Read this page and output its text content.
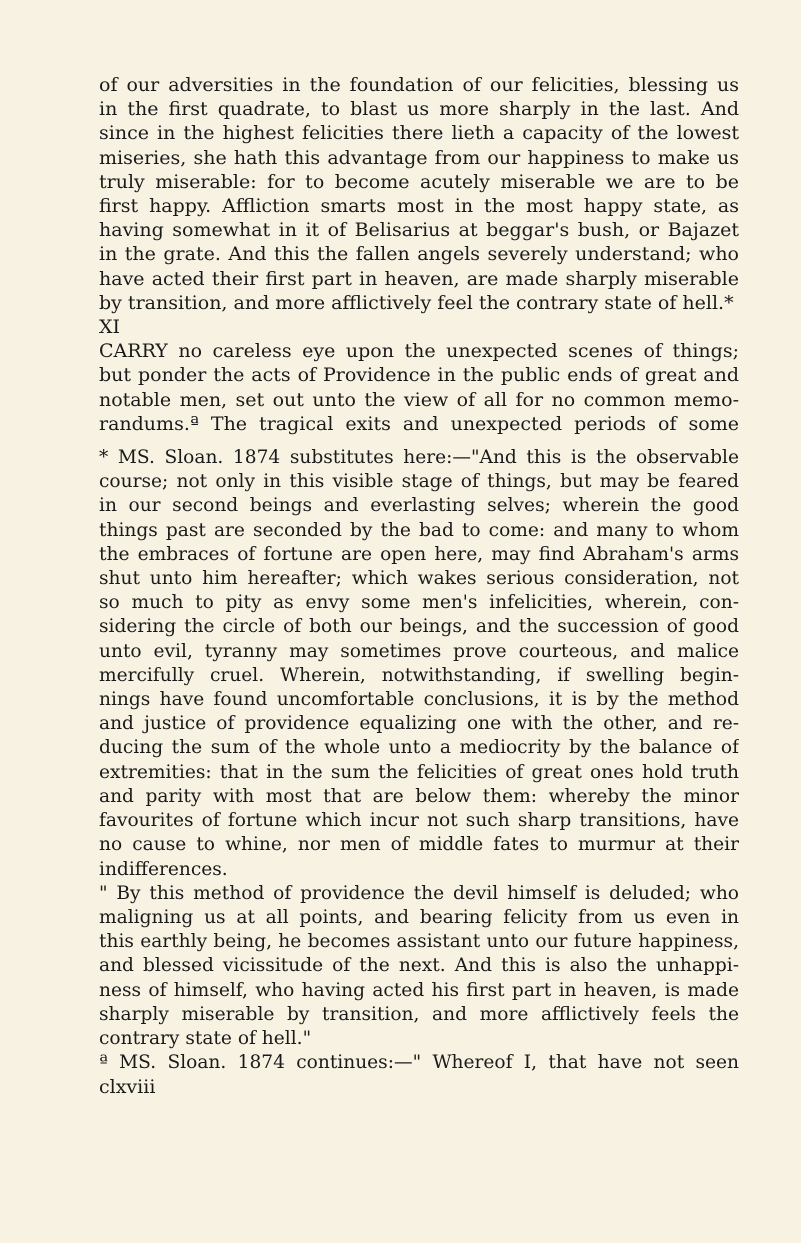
of our adversities in the foundation of our felicities, blessing us
in the first quadrate, to blast us more sharply in the last. And
since in the highest felicities there lieth a capacity of the lowest
miseries, she hath this advantage from our happiness to make us
truly miserable: for to become acutely miserable we are to be
first happy. Affliction smarts most in the most happy state, as
having somewhat in it of Belisarius at beggar's bush, or Bajazet
in the grate. And this the fallen angels severely understand; who
have acted their first part in heaven, are made sharply miserable
by transition, and more afflictively feel the contrary state of hell.*
XI
CARRY no careless eye upon the unexpected scenes of things;
but ponder the acts of Providence in the public ends of great and
notable men, set out unto the view of all for no common memo-
randums.ª The tragical exits and unexpected periods of some
* MS. Sloan. 1874 substitutes here:—"And this is the observable
course; not only in this visible stage of things, but may be feared
in our second beings and everlasting selves; wherein the good
things past are seconded by the bad to come: and many to whom
the embraces of fortune are open here, may find Abraham's arms
shut unto him hereafter; which wakes serious consideration, not
so much to pity as envy some men's infelicities, wherein, con-
sidering the circle of both our beings, and the succession of good
unto evil, tyranny may sometimes prove courteous, and malice
mercifully cruel. Wherein, notwithstanding, if swelling begin-
nings have found uncomfortable conclusions, it is by the method
and justice of providence equalizing one with the other, and re-
ducing the sum of the whole unto a mediocrity by the balance of
extremities: that in the sum the felicities of great ones hold truth
and parity with most that are below them: whereby the minor
favourites of fortune which incur not such sharp transitions, have
no cause to whine, nor men of middle fates to murmur at their
indifferences.
" By this method of providence the devil himself is deluded; who
maligning us at all points, and bearing felicity from us even in
this earthly being, he becomes assistant unto our future happiness,
and blessed vicissitude of the next. And this is also the unhappi-
ness of himself, who having acted his first part in heaven, is made
sharply miserable by transition, and more afflictively feels the
contrary state of hell."
ª MS. Sloan. 1874 continues:—" Whereof I, that have not seen
clxviii
